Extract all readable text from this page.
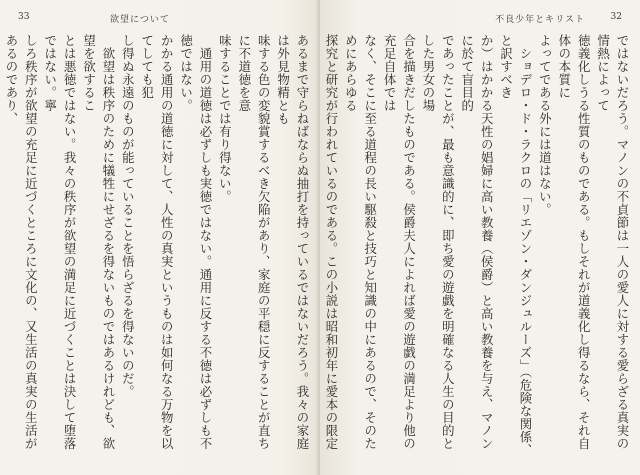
33	欲望について
あるまで守らねばならぬ抽打を持っているではないだろう。我々の家庭は外見物精とも
味する色の変貌賞するべき欠陥があり、家庭の平穏に反することが直ちに不道徳を意
味することでは有り得ない。
　通用の道徳は必ずしも実徳ではない。通用に反する不徳は必ずしも不徳ではない。
かかる通用の道徳に対して、人性の真実というものは如何なる万物を以てしても犯
し得ぬ永遠のものが能っていることを悟らざるを得ないのだ。
　欲望は秩序のために犠牲にせざるを得ないものではあるけれども、欲望を欲するこ
とは悪徳ではない。我々の秩序が欲望の満足に近づくことは決して堕落ではない。寧
しろ秩序が欲望の充足に近づくところに文化の、又生活の真実の生活があるのであり、

不良少年とキリスト	32
ではないだろう。マノンの不貞節は一人の愛人に対する愛らざる真実の情熱によって
徳義化しうる性質のものである。もしそれが道義化し得るなら、それ自体の本質に
よってである外には道はない。
　ショデロ・ド・ラクロの「リエゾン・ダンジュルーズ」（危険な関係、と訳すべき
か）はかかる天性の娼婦に高い教養（侯爵）と高い教養を与え、マノンに於て盲目的
であったことが、最も意識的に、即ち愛の遊戯を明確なる人生の目的とした男女の場
合を描きだしたものである。侯爵夫人によれば愛の遊戯の満足より他の充足自体では
なく、そこに至る道程の長い駆殺と技巧と知識の中にあるので、そのためにあらゆる
探究と研究が行われているのである。この小説は昭和初年に愛本の限定
